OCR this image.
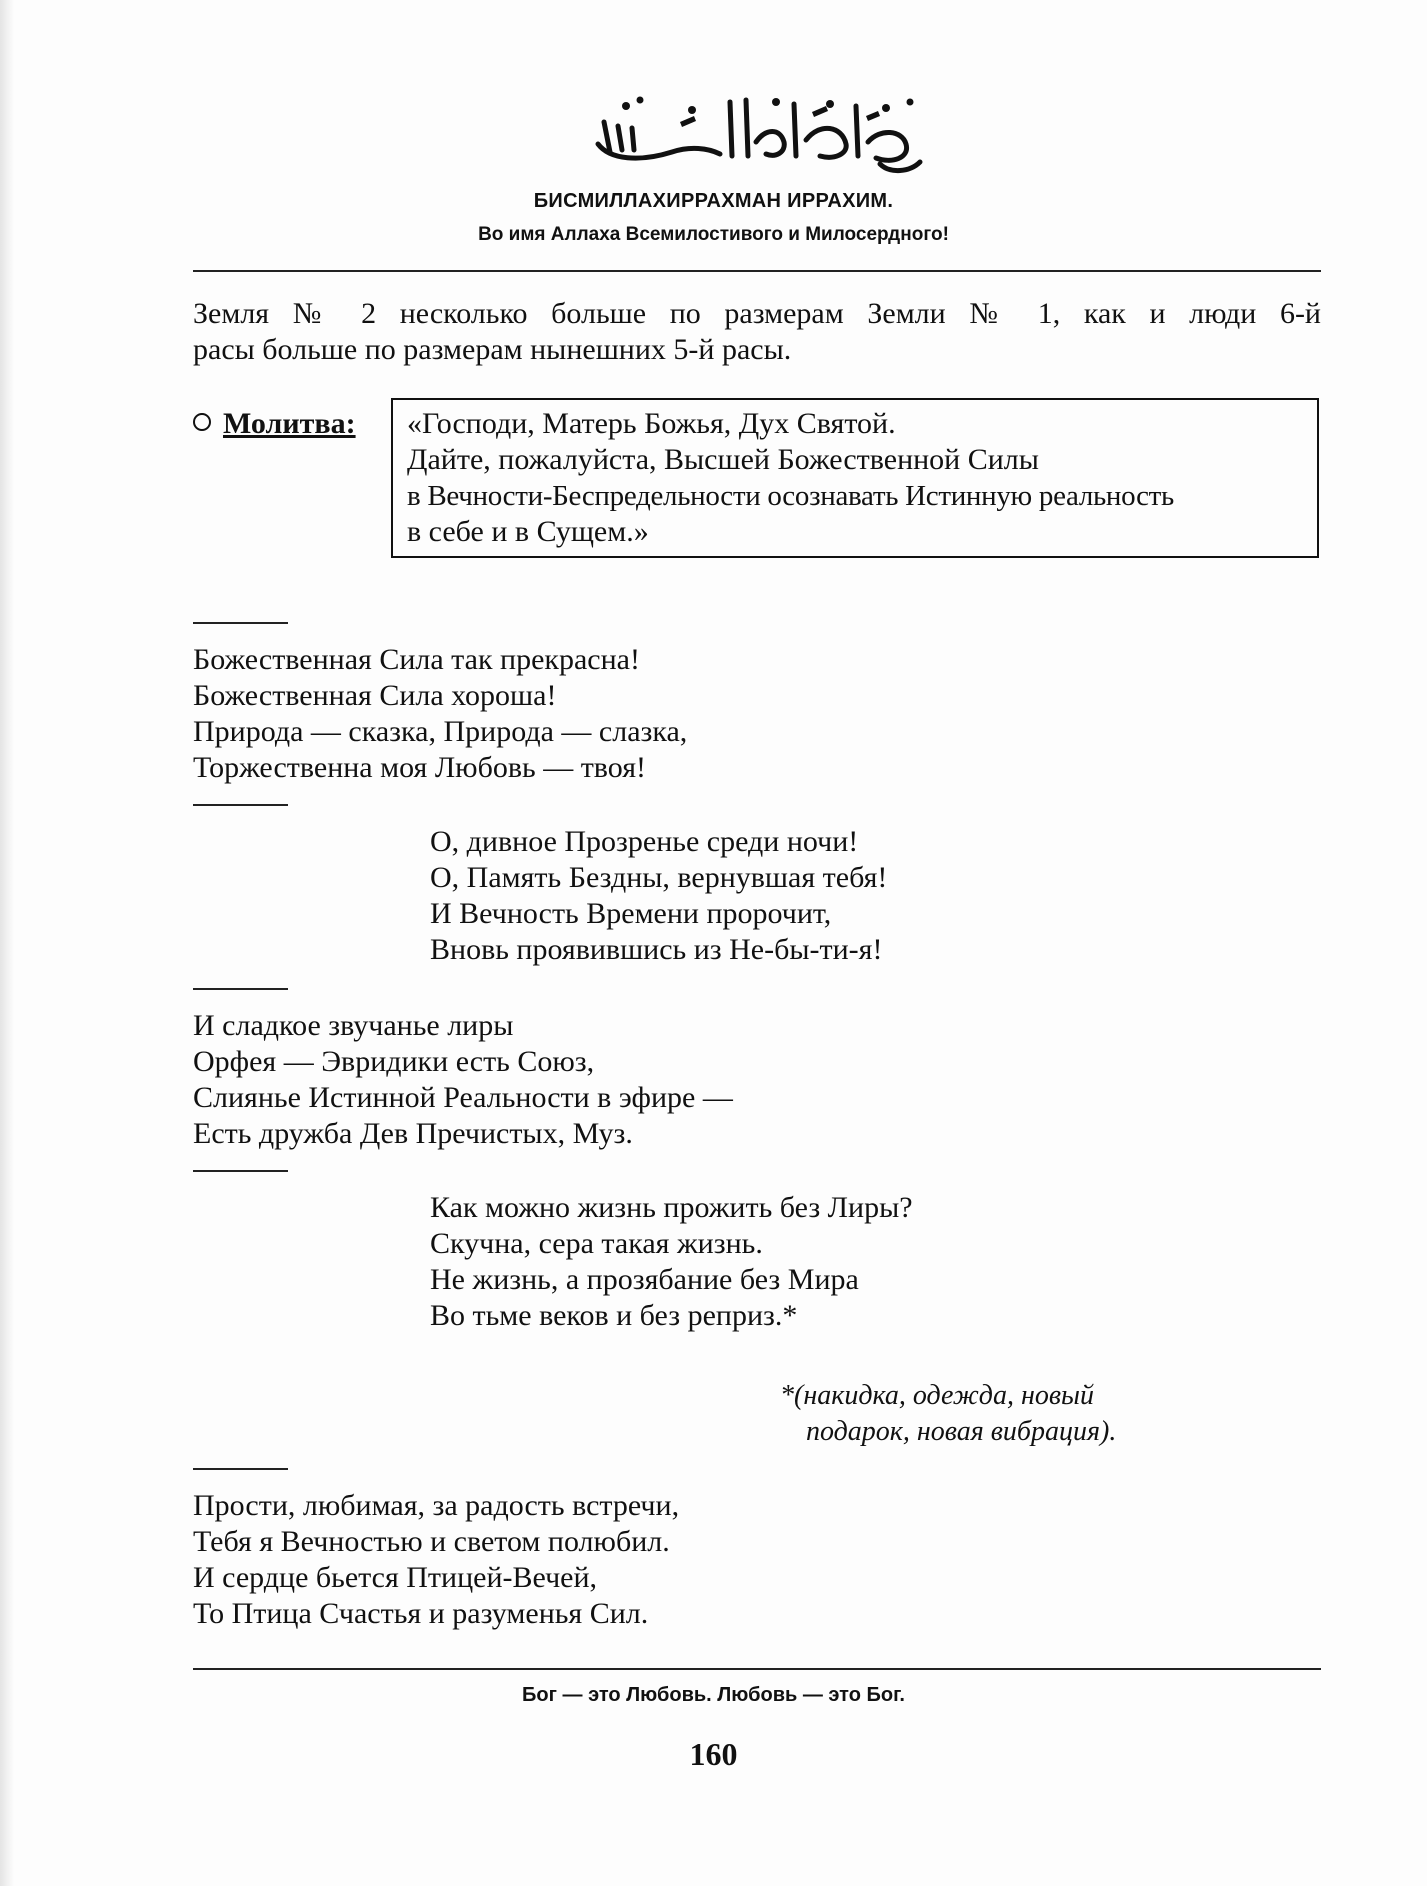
БИСМИЛЛАХИРРАХМАН ИРРАХИМ.
Во имя Аллаха Всемилостивого и Милосердного!

Земля № 2 несколько больше по размерам Земли № 1, как и люди 6-й

расы больше по размерам нынешних 5-й расы.

Молитва: «Господи, Матерь Божья, Дух Святой.
Дайте, пожалуйста, Высшей Божественной Силы
в Вечности-Беспредельности осознавать Истинную реальность
в себе и в Сущем.»
Божественная Сила так прекрасна!
Божественная Сила хороша!
Природа — сказка, Природа — слазка,
Торжественна моя Любовь — твоя!
О, дивное Прозренье среди ночи!
О, Память Бездны, вернувшая тебя!
И Вечность Времени пророчит,
Вновь проявившись из Не-бы-ти-я!
И сладкое звучанье лиры
Орфея — Эвридики есть Союз,
Слиянье Истинной Реальности в эфире —
Есть дружба Дев Пречистых, Муз.
Как можно жизнь прожить без Лиры?
Скучна, сера такая жизнь.
Не жизнь, а прозябание без Мира
Во тьме веков и без реприз.*
*(накидка, одежда, новый
подарок, новая вибрация).
Прости, любимая, за радость встречи,
Тебя я Вечностью и светом полюбил.
И сердце бьется Птицей-Вечей,
То Птица Счастья и разуменья Сил.
Бог — это Любовь. Любовь — это Бог.
160
